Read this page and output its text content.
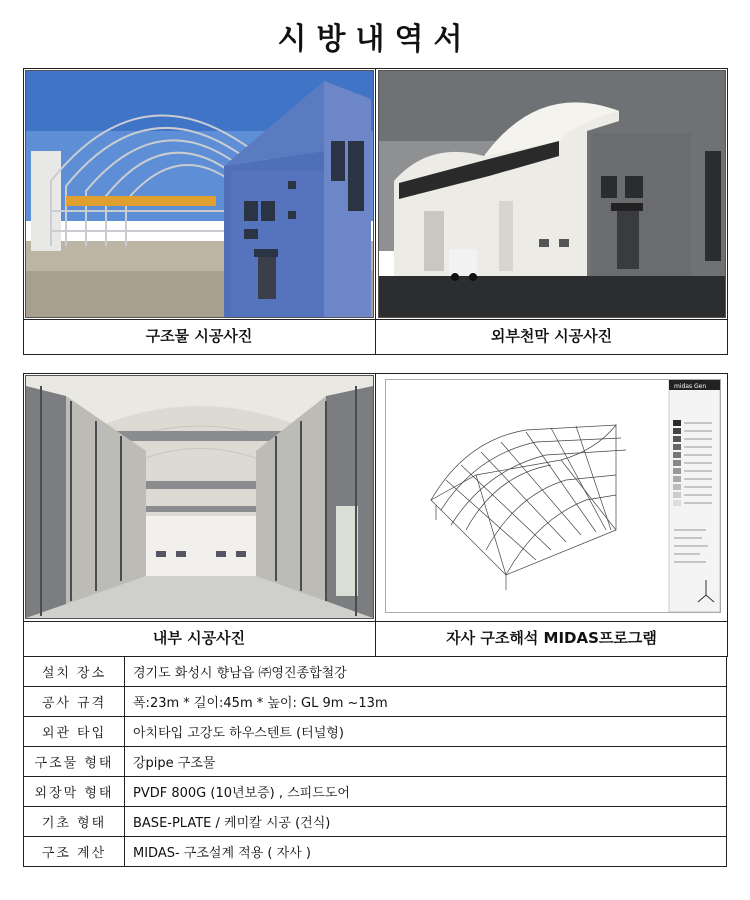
시방내역서
구조물 시공사진	외부천막 시공사진
midas Gen
내부 시공사진	자사 구조해석 MIDAS프로그램
설치 장소	경기도 화성시 향남읍 ㈜영진종합철강
공사 규격	폭:23m * 길이:45m * 높이: GL 9m ~13m
외관 타입	아치타입 고강도 하우스텐트 (터널형)
구조물 형태	강pipe 구조물
외장막 형태	PVDF 800G (10년보증) , 스피드도어
기초 형태	BASE-PLATE / 케미칼 시공 (건식)
구조 계산	MIDAS- 구조설계 적용 ( 자사 )
